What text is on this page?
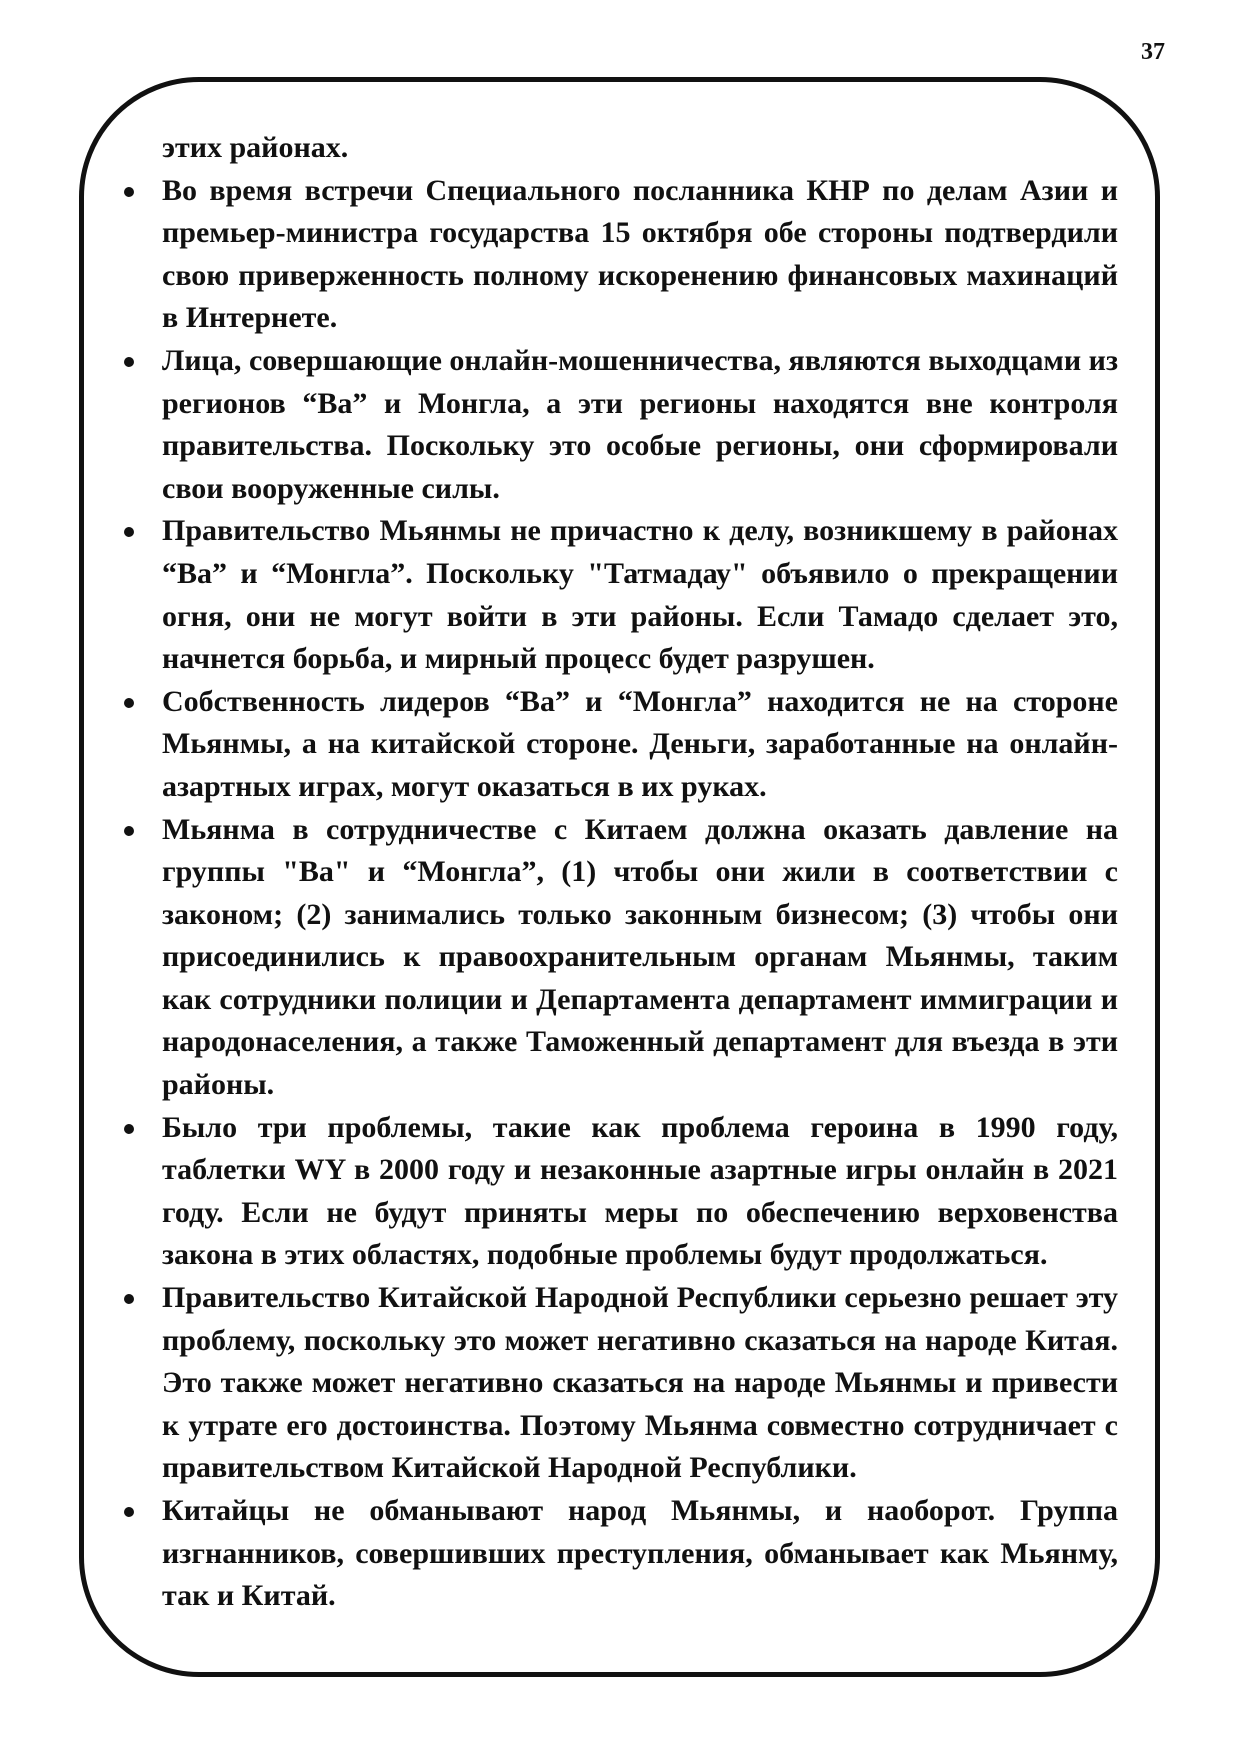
37

этих районах.

Во время встречи Специального посланника КНР по делам Азии и премьер-министра государства 15 октября обе стороны подтвердили свою приверженность полному искоренению финансовых махинаций в Интернете.
Лица, совершающие онлайн-мошенничества, являются выходцами из регионов “Ва” и Монгла, а эти регионы находятся вне контроля правительства. Поскольку это особые регионы, они сформировали свои вооруженные силы.
Правительство Мьянмы не причастно к делу, возникшему в районах “Ва” и “Монгла”. Поскольку "Татмадау" объявило о прекращении огня, они не могут войти в эти районы. Если Тамадо сделает это, начнется борьба, и мирный процесс будет разрушен.
Собственность лидеров “Ва” и “Монгла” находится не на стороне Мьянмы, а на китайской стороне. Деньги, заработанные на онлайн-азартных играх, могут оказаться в их руках.
Мьянма в сотрудничестве с Китаем должна оказать давление на группы "Ва" и “Монгла”, (1) чтобы они жили в соответствии с законом; (2) занимались только законным бизнесом; (3) чтобы они присоединились к правоохранительным органам Мьянмы, таким как сотрудники полиции и Департамента департамент иммиграции и народонаселения, а также Таможенный департамент для въезда в эти районы.
Было три проблемы, такие как проблема героина в 1990 году, таблетки WY в 2000 году и незаконные азартные игры онлайн в 2021 году. Если не будут приняты меры по обеспечению верховенства закона в этих областях, подобные проблемы будут продолжаться.
Правительство Китайской Народной Республики серьезно решает эту проблему, поскольку это может негативно сказаться на народе Китая. Это также может негативно сказаться на народе Мьянмы и привести к утрате его достоинства. Поэтому Мьянма совместно сотрудничает с правительством Китайской Народной Республики.
Китайцы не обманывают народ Мьянмы, и наоборот. Группа изгнанников, совершивших преступления, обманывает как Мьянму, так и Китай.
